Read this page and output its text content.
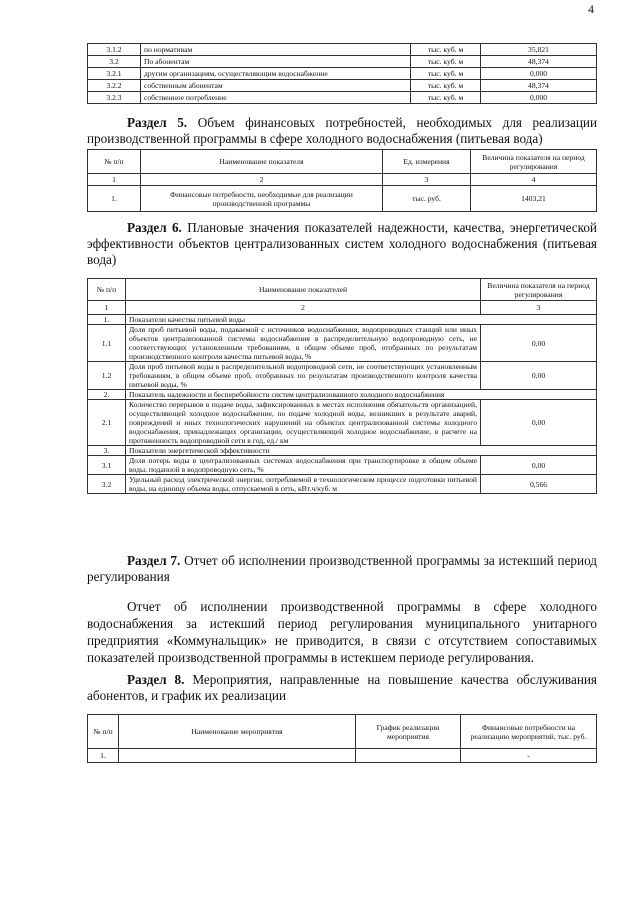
4
3.1.2	по нормативам	тыс. куб. м	35,821
3.2	По абонентам	тыс. куб. м	48,374
3.2.1	другим организациям, осуществляющим водоснабжение	тыс. куб. м	0,000
3.2.2	собственным абонентам	тыс. куб. м	48,374
3.2.3	собственное потребление	тыс. куб. м	0,000
Раздел 5. Объем финансовых потребностей, необходимых для реализации производственной программы в сфере холодного водоснабжения (питьевая вода)
№ п/п	Наименование показателя	Ед. измерения	Величина показателя на период регулирования
1	2	3	4
1.	Финансовые потребности, необходимые для реализации производственной программы	тыс. руб.	1403,21
Раздел 6. Плановые значения показателей надежности, качества, энергетической эффективности объектов централизованных систем холодного водоснабжения (питьевая вода)
№ п/п	Наименование показателей	Величина показателя на период регулирования
1	2	3
1.	Показатели качества питьевой воды	
1.1	Доля проб питьевой воды, подаваемой с источников водоснабжения, водопроводных станций или иных объектов централизованной системы водоснабжения в распределительную водопроводную сеть, не соответствующих установленным требованиям, в общем объеме проб, отобранных по результатам производственного контроля качества питьевой воды, %	0,00
1.2	Доля проб питьевой воды в распределительной водопроводной сети, не соответствующих установленным требованиям, в общем объеме проб, отобранных по результатам производственного контроля качества питьевой воды, %	0,00
2.	Показатель надежности и бесперебойности систем централизованного холодного водоснабжения	
2.1	Количество перерывов в подаче воды, зафиксированных в местах исполнения обязательств организацией, осуществляющей холодное водоснабжение, по подаче холодной воды, возникших в результате аварий, повреждений и иных технологических нарушений на объектах централизованной системы холодного водоснабжения, принадлежащих организации, осуществляющей холодное водоснабжение, в расчете на протяженность водопроводной сети в год, ед./ км	0,00
3.	Показатели энергетической эффективности	
3.1	Доля потерь воды в централизованных системах водоснабжения при транспортировке в общем объеме воды, поданной в водопроводную сеть, %	0,00
3.2	Удельный расход электрической энергии, потребляемой в технологическом процессе подготовки питьевой воды, на единицу объема воды, отпускаемой в сеть, кВт.ч/куб. м	0,566
Раздел 7. Отчет об исполнении производственной программы за истекший период регулирования

Отчет об исполнении производственной программы в сфере холодного водоснабжения за истекший период регулирования муниципального унитарного предприятия «Коммунальщик» не приводится, в связи с отсутствием сопоставимых показателей производственной программы в истекшем периоде регулирования.

Раздел 8. Мероприятия, направленные на повышение качества обслуживания абонентов, и график их реализации
№ п/п	Наименование мероприятия	График реализации мероприятия	Финансовые потребности на реализацию мероприятий, тыс. руб.
1.			-
